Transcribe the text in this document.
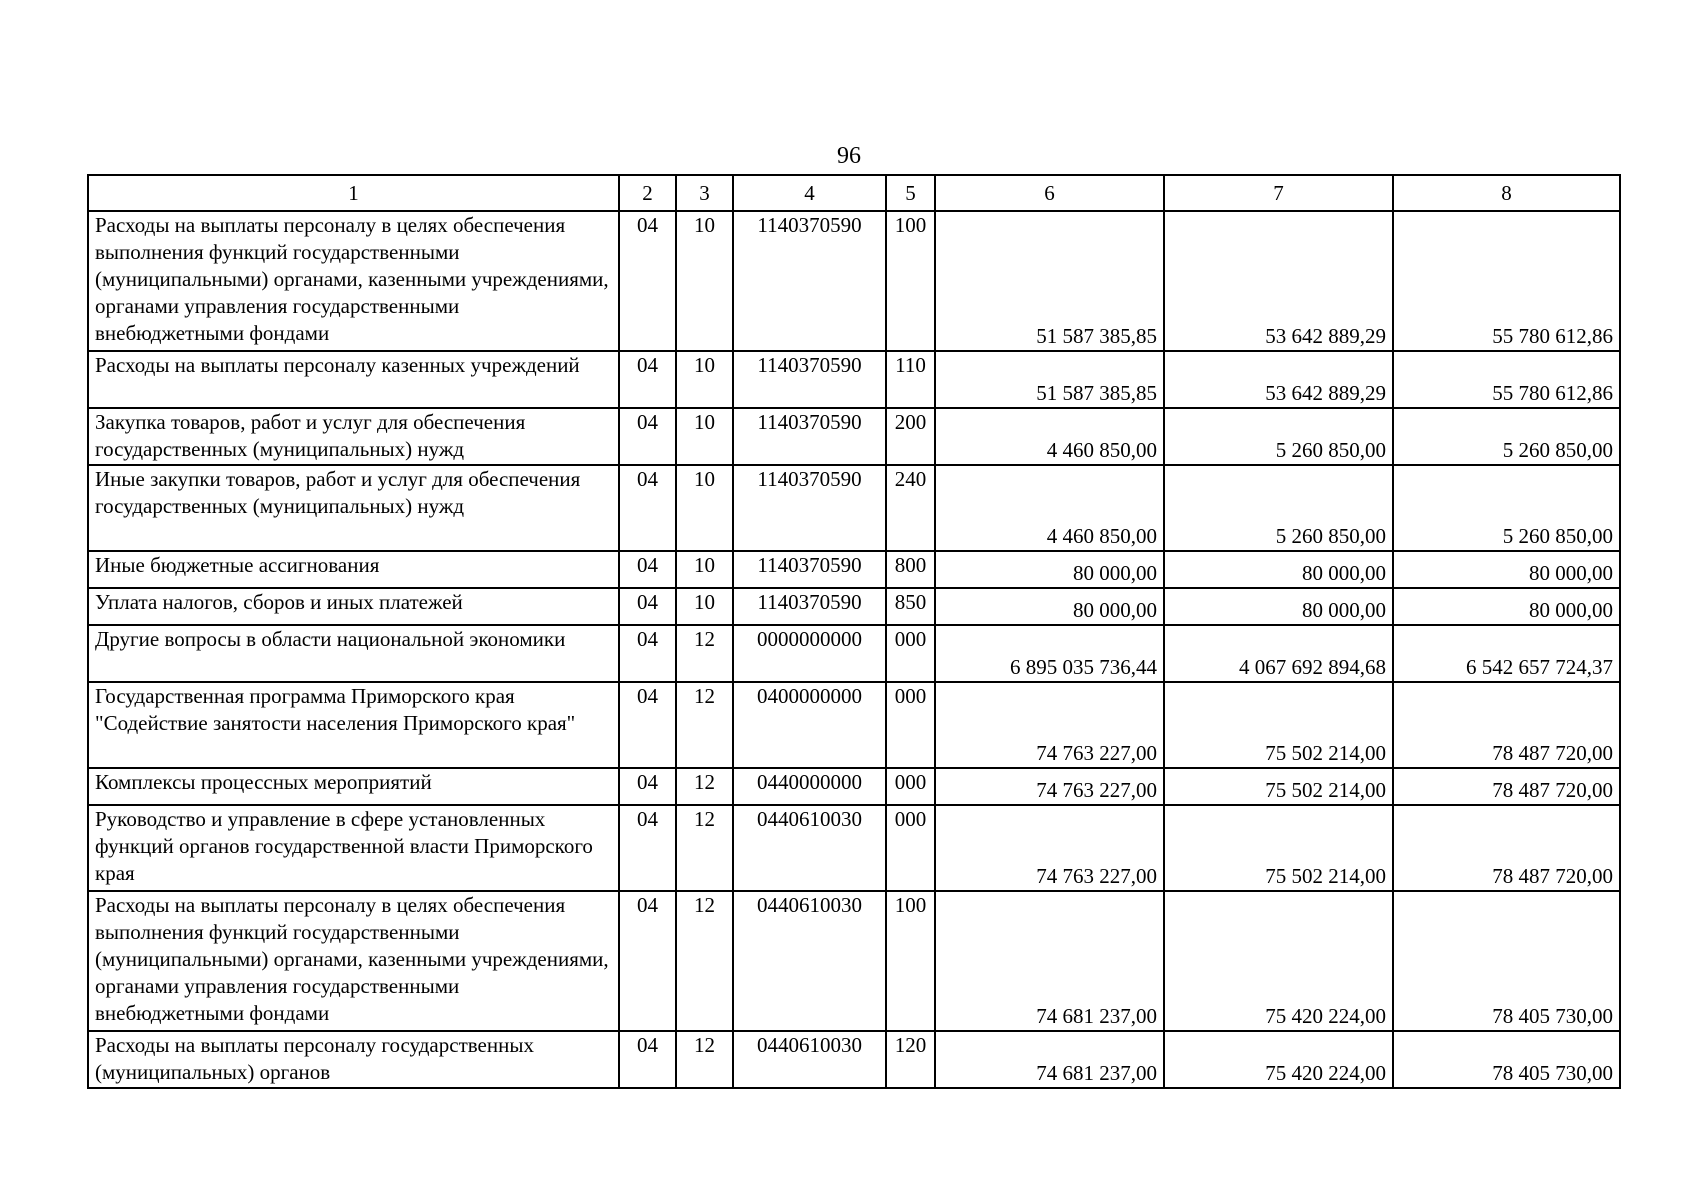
96
1	2	3	4	5	6	7	8
Расходы на выплаты персоналу в целях обеспечения выполнения функций государственными (муниципальными) органами, казенными учреждениями, органами управления государственными внебюджетными фондами	04	10	1140370590	100	51 587 385,85	53 642 889,29	55 780 612,86
Расходы на выплаты персоналу казенных учреждений	04	10	1140370590	110	51 587 385,85	53 642 889,29	55 780 612,86
Закупка товаров, работ и услуг для обеспечения государственных (муниципальных) нужд	04	10	1140370590	200	4 460 850,00	5 260 850,00	5 260 850,00
Иные закупки товаров, работ и услуг для обеспечения государственных (муниципальных) нужд	04	10	1140370590	240	4 460 850,00	5 260 850,00	5 260 850,00
Иные бюджетные ассигнования	04	10	1140370590	800	80 000,00	80 000,00	80 000,00
Уплата налогов, сборов и иных платежей	04	10	1140370590	850	80 000,00	80 000,00	80 000,00
Другие вопросы в области национальной экономики	04	12	0000000000	000	6 895 035 736,44	4 067 692 894,68	6 542 657 724,37
Государственная программа Приморского края "Содействие занятости населения Приморского края"	04	12	0400000000	000	74 763 227,00	75 502 214,00	78 487 720,00
Комплексы процессных мероприятий	04	12	0440000000	000	74 763 227,00	75 502 214,00	78 487 720,00
Руководство и управление в сфере установленных функций органов государственной власти Приморского края	04	12	0440610030	000	74 763 227,00	75 502 214,00	78 487 720,00
Расходы на выплаты персоналу в целях обеспечения выполнения функций государственными (муниципальными) органами, казенными учреждениями, органами управления государственными внебюджетными фондами	04	12	0440610030	100	74 681 237,00	75 420 224,00	78 405 730,00
Расходы на выплаты персоналу государственных (муниципальных) органов	04	12	0440610030	120	74 681 237,00	75 420 224,00	78 405 730,00
